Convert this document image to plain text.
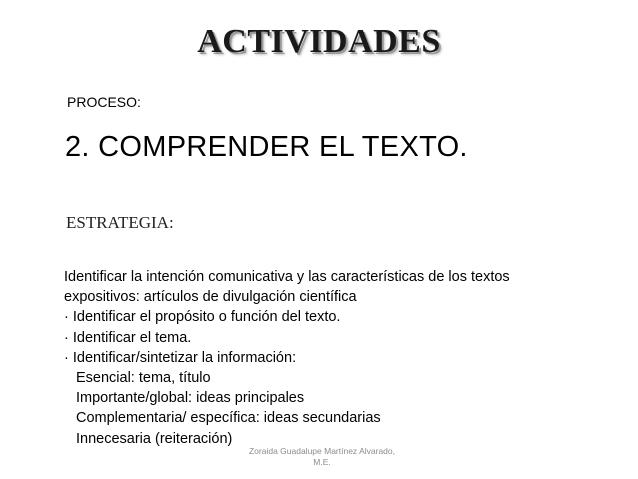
ACTIVIDADES
PROCESO:
2. COMPRENDER EL TEXTO.
ESTRATEGIA:
Identificar la intención comunicativa y las características de los textos
expositivos: artículos de divulgación científica
· Identificar el propósito o función del texto.
· Identificar el tema.
· Identificar/sintetizar la información:
Esencial: tema, título
Importante/global: ideas principales
Complementaria/ específica: ideas secundarias
Innecesaria (reiteración)
Zoraida Guadalupe Martínez Alvarado,
M.E.
